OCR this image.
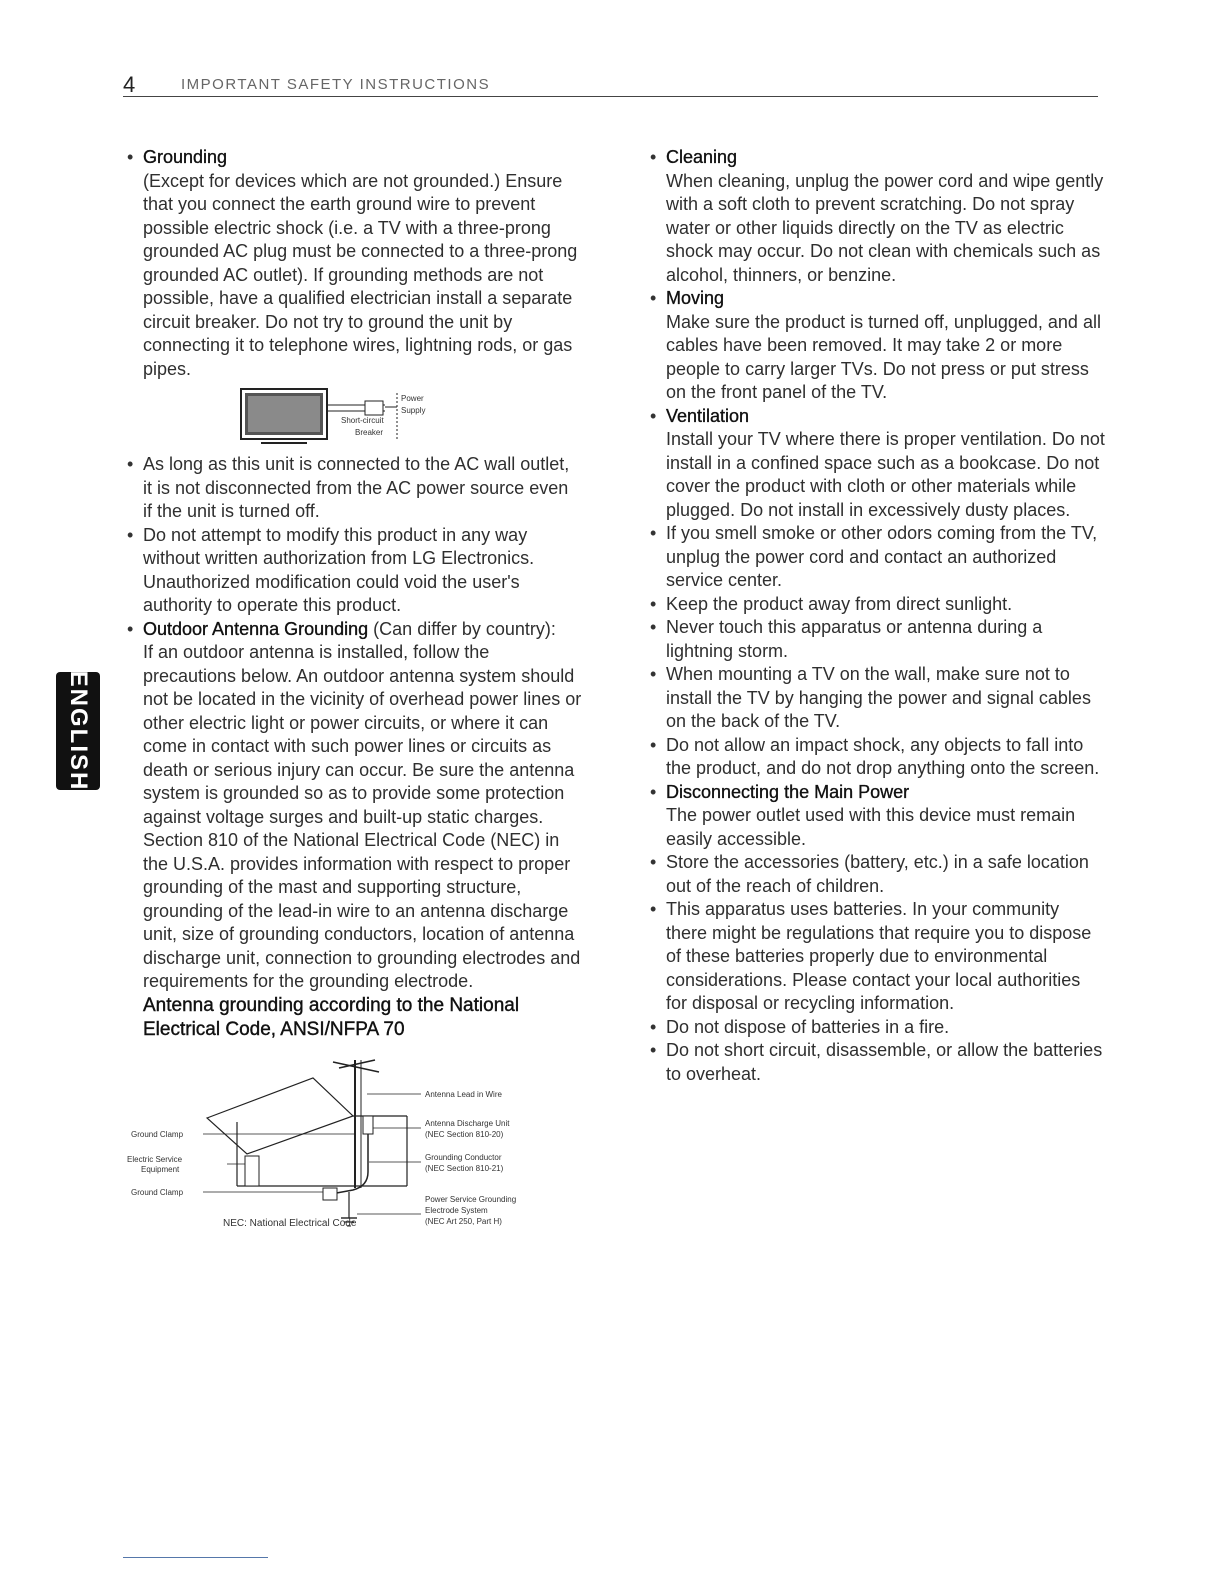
4	IMPORTANT SAFETY INSTRUCTIONS
ENGLISH
• Grounding
(Except for devices which are not grounded.) Ensure that you connect the earth ground wire to prevent possible electric shock (i.e. a TV with a three-prong grounded AC plug must be connected to a three-prong grounded AC outlet). If grounding methods are not possible, have a qualified electrician install a separate circuit breaker. Do not try to ground the unit by connecting it to telephone wires, lightning rods, or gas pipes.
Power
Supply
Short-circuit
Breaker
• As long as this unit is connected to the AC wall outlet, it is not disconnected from the AC power source even if the unit is turned off.
• Do not attempt to modify this product in any way without written authorization from LG Electronics. Unauthorized modification could void the user's authority to operate this product.
• Outdoor Antenna Grounding (Can differ by country):
If an outdoor antenna is installed, follow the precautions below. An outdoor antenna system should not be located in the vicinity of overhead power lines or other electric light or power circuits, or where it can come in contact with such power lines or circuits as death or serious injury can occur. Be sure the antenna system is grounded so as to provide some protection against voltage surges and built-up static charges. Section 810 of the National Electrical Code (NEC) in the U.S.A. provides information with respect to proper grounding of the mast and supporting structure, grounding of the lead-in wire to an antenna discharge unit, size of grounding conductors, location of antenna discharge unit, connection to grounding electrodes and requirements for the grounding electrode.
Antenna grounding according to the National Electrical Code, ANSI/NFPA 70
Antenna Lead in Wire
Antenna Discharge Unit
(NEC Section 810-20)
Ground Clamp
Electric Service
Equipment
Grounding Conductor
(NEC Section 810-21)
Ground Clamp
Power Service Grounding
Electrode System
(NEC Art 250, Part H)
NEC: National Electrical Code
• Cleaning
When cleaning, unplug the power cord and wipe gently with a soft cloth to prevent scratching. Do not spray water or other liquids directly on the TV as electric shock may occur. Do not clean with chemicals such as alcohol, thinners, or benzine.
• Moving
Make sure the product is turned off, unplugged, and all cables have been removed. It may take 2 or more people to carry larger TVs. Do not press or put stress on the front panel of the TV.
• Ventilation
Install your TV where there is proper ventilation. Do not install in a confined space such as a bookcase. Do not cover the product with cloth or other materials while plugged. Do not install in excessively dusty places.
• If you smell smoke or other odors coming from the TV, unplug the power cord and contact an authorized service center.
• Keep the product away from direct sunlight.
• Never touch this apparatus or antenna during a lightning storm.
• When mounting a TV on the wall, make sure not to install the TV by hanging the power and signal cables on the back of the TV.
• Do not allow an impact shock, any objects to fall into the product, and do not drop anything onto the screen.
• Disconnecting the Main Power
The power outlet used with this device must remain easily accessible.
• Store the accessories (battery, etc.) in a safe location out of the reach of children.
• This apparatus uses batteries. In your community there might be regulations that require you to dispose of these batteries properly due to environmental considerations. Please contact your local authorities for disposal or recycling information.
• Do not dispose of batteries in a fire.
• Do not short circuit, disassemble, or allow the batteries to overheat.
